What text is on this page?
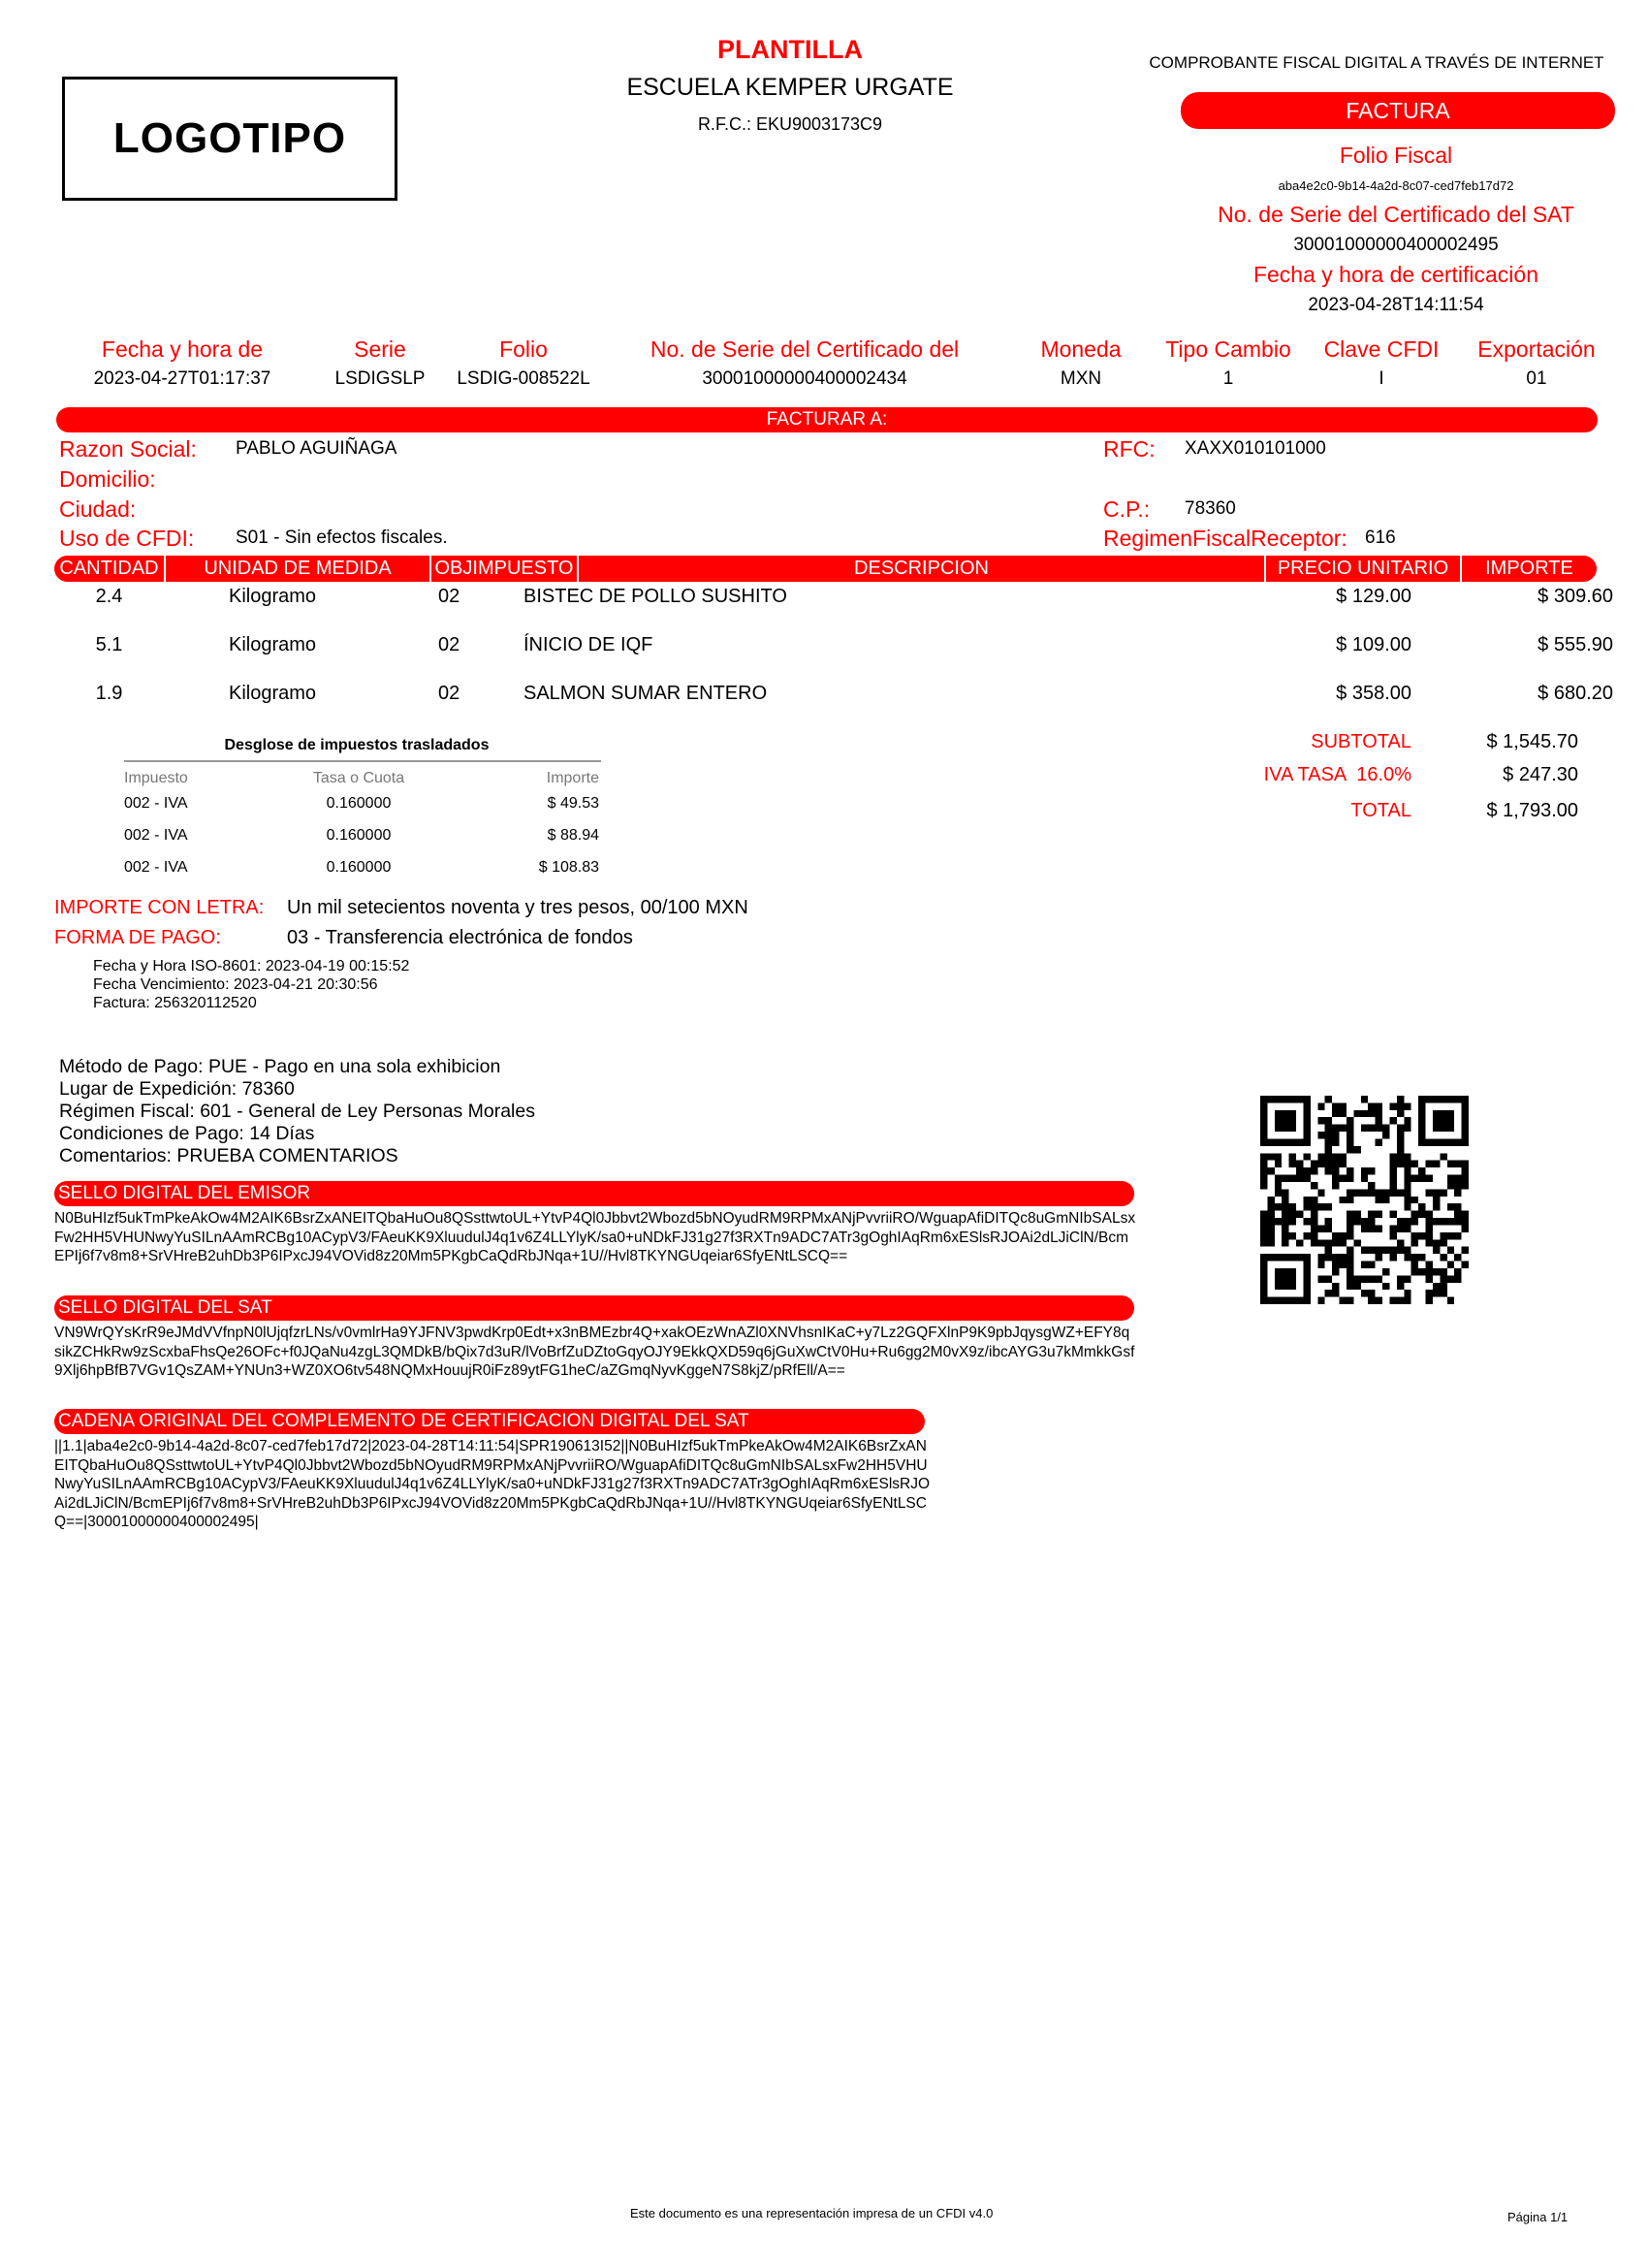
LOGOTIPO
PLANTILLA
ESCUELA KEMPER URGATE
R.F.C.: EKU9003173C9
COMPROBANTE FISCAL DIGITAL A TRAVÉS DE INTERNET
FACTURA
Folio Fiscal
aba4e2c0-9b14-4a2d-8c07-ced7feb17d72
No. de Serie del Certificado del SAT
30001000000400002495
Fecha y hora de certificación
2023-04-28T14:11:54
Fecha y hora de	Serie	Folio	No. de Serie del Certificado del	Moneda	Tipo Cambio	Clave CFDI	Exportación
2023-04-27T01:17:37	LSDIGSLP	LSDIG-008522L	30001000000400002434	MXN	1	I	01
FACTURAR A:
Razon Social: PABLO AGUIÑAGA
Domicilio:
Ciudad:
Uso de CFDI: S01 - Sin efectos fiscales.
RFC: XAXX010101000
C.P.: 78360
RegimenFiscalReceptor: 616
CANTIDAD	UNIDAD DE MEDIDA	OBJIMPUESTO	DESCRIPCION	PRECIO UNITARIO	IMPORTE
2.4	Kilogramo	02	BISTEC DE POLLO SUSHITO	$ 129.00	$ 309.60
5.1	Kilogramo	02	ÍNICIO DE IQF	$ 109.00	$ 555.90
1.9	Kilogramo	02	SALMON SUMAR ENTERO	$ 358.00	$ 680.20
Desglose de impuestos trasladados
Impuesto	Tasa o Cuota	Importe
002 - IVA	0.160000	$ 49.53
002 - IVA	0.160000	$ 88.94
002 - IVA	0.160000	$ 108.83
SUBTOTAL	$ 1,545.70
IVA TASA  16.0%	$ 247.30
TOTAL	$ 1,793.00
IMPORTE CON LETRA: Un mil setecientos noventa y tres pesos, 00/100 MXN
FORMA DE PAGO:	03 - Transferencia electrónica de fondos
Fecha y Hora ISO-8601: 2023-04-19 00:15:52
Fecha Vencimiento: 2023-04-21 20:30:56
Factura: 256320112520
Método de Pago: PUE - Pago en una sola exhibicion
Lugar de Expedición: 78360
Régimen Fiscal: 601 - General de Ley Personas Morales
Condiciones de Pago: 14 Días
Comentarios: PRUEBA COMENTARIOS
SELLO DIGITAL DEL EMISOR
N0BuHIzf5ukTmPkeAkOw4M2AIK6BsrZxANEITQbaHuOu8QSsttwtoUL+YtvP4Ql0Jbbvt2Wbozd5bNOyudRM9RPMxANjPvvriiRO/WguapAfiDITQc8uGmNIbSALsxFw2HH5VHUNwyYuSILnAAmRCBg10ACypV3/FAeuKK9XluudulJ4q1v6Z4LLYlyK/sa0+uNDkFJ31g27f3RXTn9ADC7ATr3gOghIAqRm6xESlsRJOAi2dLJiClN/BcmEPIj6f7v8m8+SrVHreB2uhDb3P6IPxcJ94VOVid8z20Mm5PKgbCaQdRbJNqa+1U//Hvl8TKYNGUqeiar6SfyENtLSCQ==
SELLO DIGITAL DEL SAT
VN9WrQYsKrR9eJMdVVfnpN0lUjqfzrLNs/v0vmlrHa9YJFNV3pwdKrp0Edt+x3nBMEzbr4Q+xakOEzWnAZl0XNVhsnIKaC+y7Lz2GQFXlnP9K9pbJqysgWZ+EFY8qsikZCHkRw9zScxbaFhsQe26OFc+f0JQaNu4zgL3QMDkB/bQix7d3uR/lVoBrfZuDZtoGqyOJY9EkkQXD59q6jGuXwCtV0Hu+Ru6gg2M0vX9z/ibcAYG3u7kMmkkGsf9Xlj6hpBfB7VGv1QsZAM+YNUn3+WZ0XO6tv548NQMxHouujR0iFz89ytFG1heC/aZGmqNyvKggeN7S8kjZ/pRfEll/A==
CADENA ORIGINAL DEL COMPLEMENTO DE CERTIFICACION DIGITAL DEL SAT
||1.1|aba4e2c0-9b14-4a2d-8c07-ced7feb17d72|2023-04-28T14:11:54|SPR190613I52||N0BuHIzf5ukTmPkeAkOw4M2AIK6BsrZxANEITQbaHuOu8QSsttwtoUL+YtvP4Ql0Jbbvt2Wbozd5bNOyudRM9RPMxANjPvvriiRO/WguapAfiDITQc8uGmNIbSALsxFw2HH5VHUNwyYuSILnAAmRCBg10ACypV3/FAeuKK9XluudulJ4q1v6Z4LLYlyK/sa0+uNDkFJ31g27f3RXTn9ADC7ATr3gOghIAqRm6xESlsRJOAi2dLJiClN/BcmEPIj6f7v8m8+SrVHreB2uhDb3P6IPxcJ94VOVid8z20Mm5PKgbCaQdRbJNqa+1U//Hvl8TKYNGUqeiar6SfyENtLSCQ==|30001000000400002495|
Este documento es una representación impresa de un CFDI v4.0	Página 1/1
